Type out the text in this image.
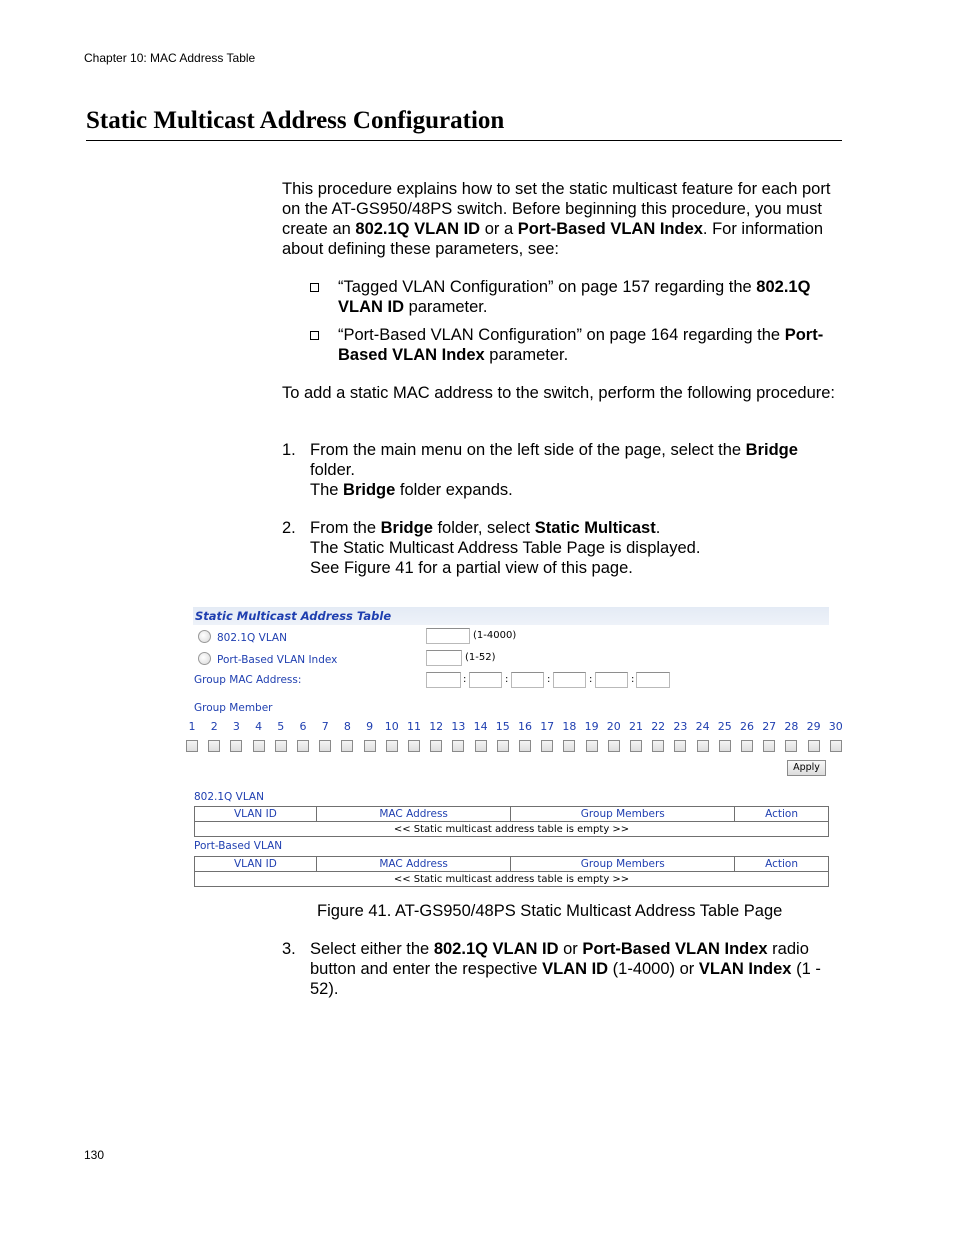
Chapter 10: MAC Address Table
Static Multicast Address Configuration
This procedure explains how to set the static multicast feature for each port on the AT-GS950/48PS switch. Before beginning this procedure, you must create an 802.1Q VLAN ID or a Port-Based VLAN Index. For information about defining these parameters, see:
“Tagged VLAN Configuration” on page 157 regarding the 802.1Q VLAN ID parameter.
“Port-Based VLAN Configuration” on page 164 regarding the Port-Based VLAN Index parameter.
To add a static MAC address to the switch, perform the following procedure:
1. From the main menu on the left side of the page, select the Bridge folder.
The Bridge folder expands.
2. From the Bridge folder, select Static Multicast.
The Static Multicast Address Table Page is displayed.
See Figure 41 for a partial view of this page.
Static Multicast Address Table
802.1Q VLAN	(1-4000)
Port-Based VLAN Index	(1-52)
Group MAC Address:	:	:	:	:	:
Group Member
1	2	3	4	5	6	7	8	9	10 11 12 13 14 15 16 17 18 19 20 21 22 23 24 25 26 27 28 29 30
Apply
802.1Q VLAN
VLAN ID	MAC Address	Group Members	Action
<< Static multicast address table is empty >>
Port-Based VLAN
VLAN ID	MAC Address	Group Members	Action
<< Static multicast address table is empty >>
Figure 41. AT-GS950/48PS Static Multicast Address Table Page
3. Select either the 802.1Q VLAN ID or Port-Based VLAN Index radio button and enter the respective VLAN ID (1-4000) or VLAN Index (1 - 52).
130
